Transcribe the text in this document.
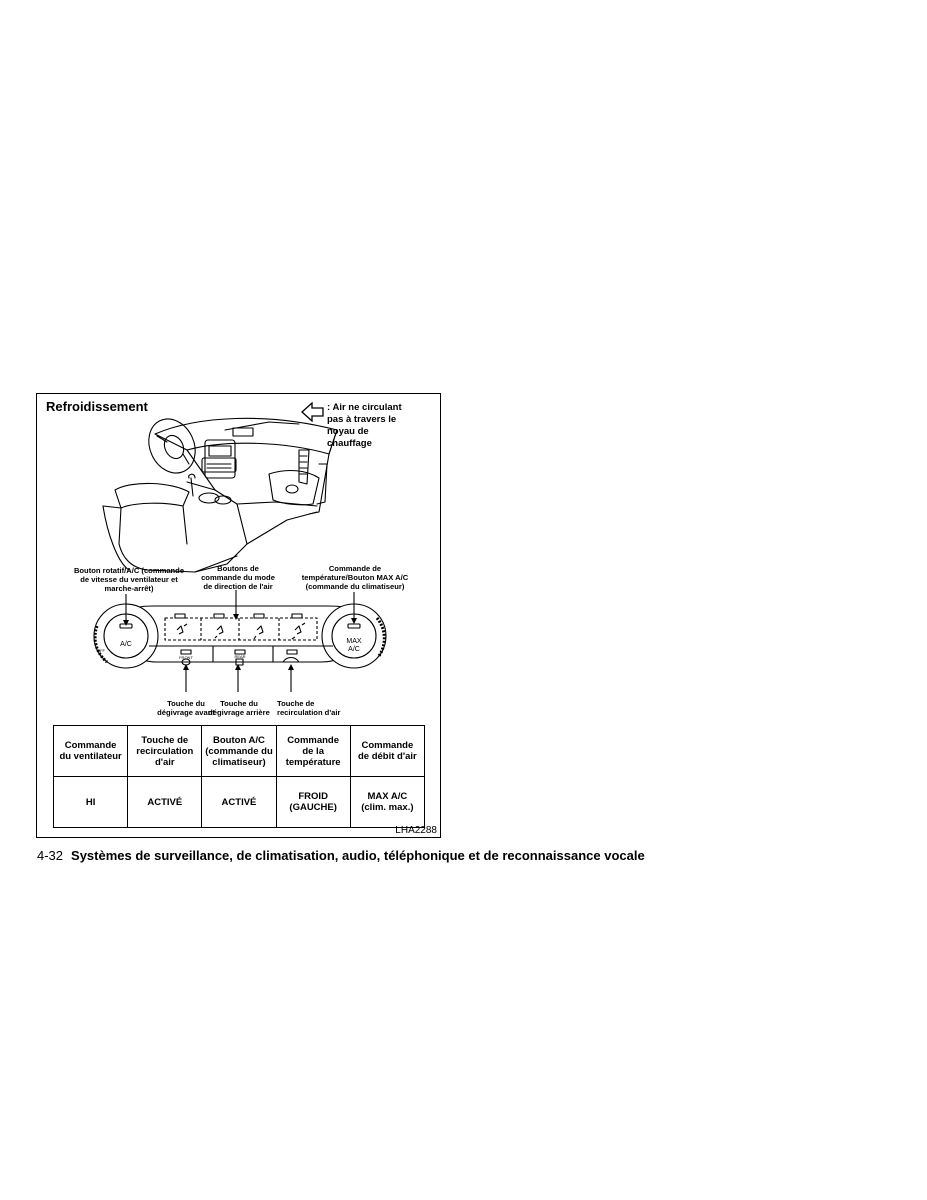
Refroidissement	: Air ne circulant
pas à travers le
noyau de
chauffage
A/C	MAX
A/C
FRONT	REAR
OFF
Bouton rotatif/A/C (commande
de vitesse du ventilateur et
marche-arrêt)
Boutons de
commande du mode
de direction de l'air
Commande de
température/Bouton MAX A/C
(commande du climatiseur)
Touche du
dégivrage avant
Touche du
dégivrage arrière
Touche de
recirculation d'air
Commande
du ventilateur	Touche de
recirculation
d'air	Bouton A/C
(commande du
climatiseur)	Commande
de la
température	Commande
de débit d'air
HI	ACTIVÉ	ACTIVÉ	FROID
(GAUCHE)	MAX A/C
(clim. max.)
LHA2288
4-32 Systèmes de surveillance, de climatisation, audio, téléphonique et de reconnaissance vocale
